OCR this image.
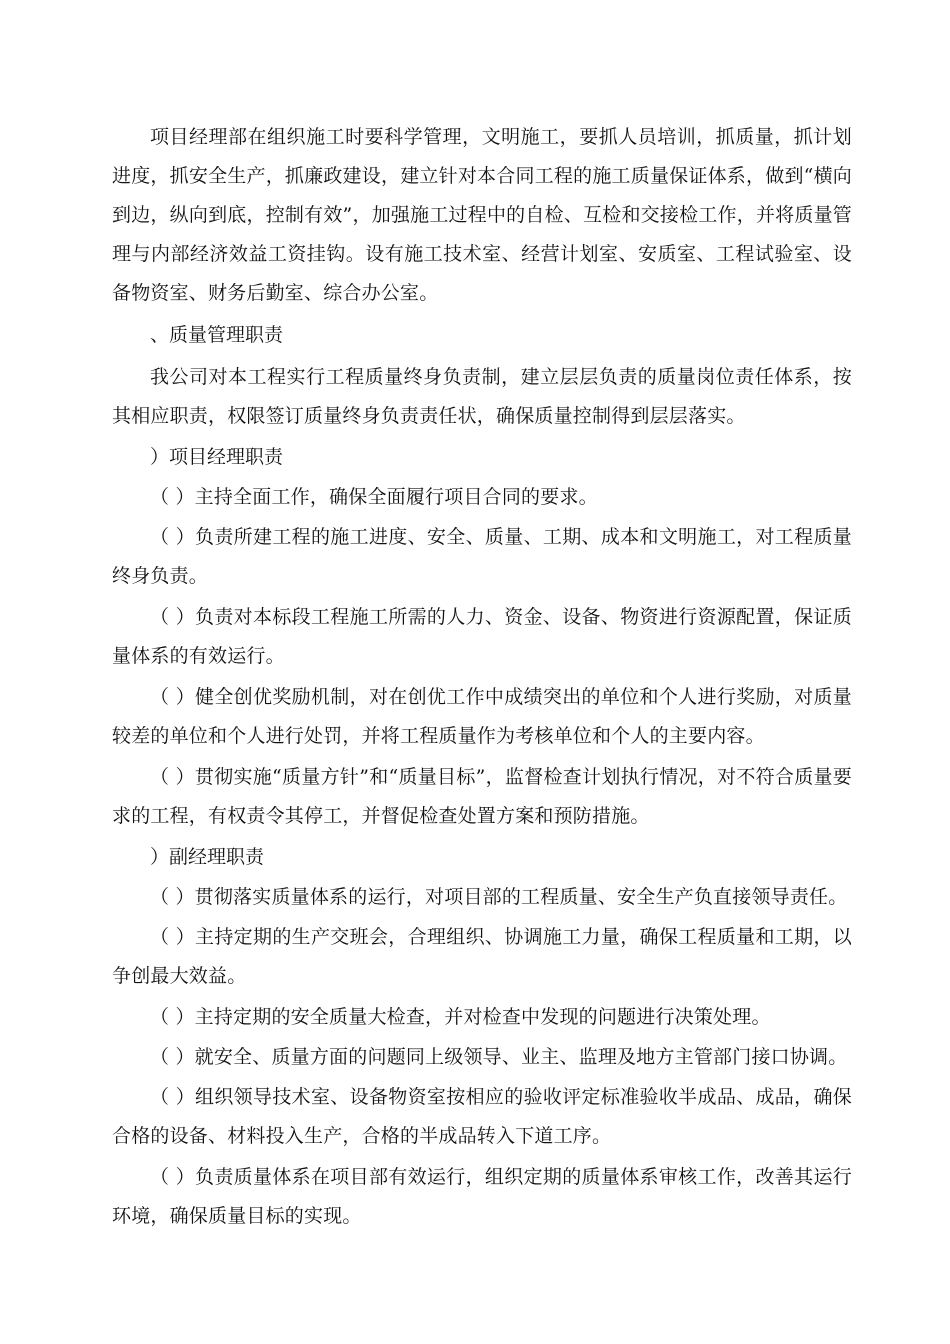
项目经理部在组织施工时要科学管理，文明施工，要抓人员培训，抓质量，抓计划进度，抓安全生产，抓廉政建设，建立针对本合同工程的施工质量保证体系，做到“横向到边，纵向到底，控制有效”，加强施工过程中的自检、互检和交接检工作，并将质量管理与内部经济效益工资挂钩。设有施工技术室、经营计划室、安质室、工程试验室、设备物资室、财务后勤室、综合办公室。

、质量管理职责

我公司对本工程实行工程质量终身负责制，建立层层负责的质量岗位责任体系，按其相应职责，权限签订质量终身负责责任状，确保质量控制得到层层落实。

）项目经理职责

（ ）主持全面工作，确保全面履行项目合同的要求。

（ ）负责所建工程的施工进度、安全、质量、工期、成本和文明施工，对工程质量终身负责。

（ ）负责对本标段工程施工所需的人力、资金、设备、物资进行资源配置，保证质量体系的有效运行。

（ ）健全创优奖励机制，对在创优工作中成绩突出的单位和个人进行奖励，对质量较差的单位和个人进行处罚，并将工程质量作为考核单位和个人的主要内容。

（ ）贯彻实施“质量方针”和“质量目标”，监督检查计划执行情况，对不符合质量要求的工程，有权责令其停工，并督促检查处置方案和预防措施。

）副经理职责

（ ）贯彻落实质量体系的运行，对项目部的工程质量、安全生产负直接领导责任。

（ ）主持定期的生产交班会，合理组织、协调施工力量，确保工程质量和工期，以争创最大效益。

（ ）主持定期的安全质量大检查，并对检查中发现的问题进行决策处理。

（ ）就安全、质量方面的问题同上级领导、业主、监理及地方主管部门接口协调。

（ ）组织领导技术室、设备物资室按相应的验收评定标准验收半成品、成品，确保合格的设备、材料投入生产，合格的半成品转入下道工序。

（ ）负责质量体系在项目部有效运行，组织定期的质量体系审核工作，改善其运行环境，确保质量目标的实现。
